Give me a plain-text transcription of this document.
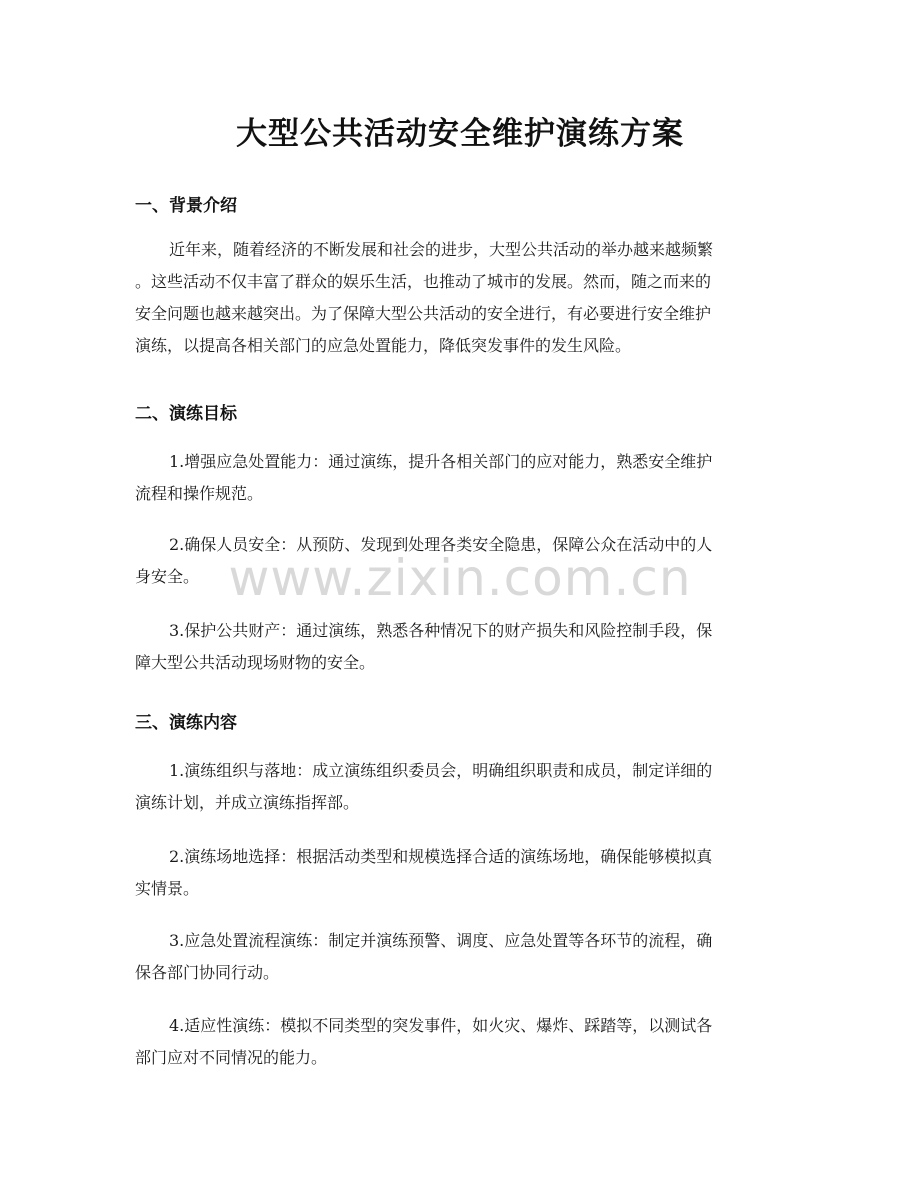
大型公共活动安全维护演练方案
一、背景介绍
近年来，随着经济的不断发展和社会的进步，大型公共活动的举办越来越频繁
。这些活动不仅丰富了群众的娱乐生活，也推动了城市的发展。然而，随之而来的
安全问题也越来越突出。为了保障大型公共活动的安全进行，有必要进行安全维护
演练，以提高各相关部门的应急处置能力，降低突发事件的发生风险。
二、演练目标
1.增强应急处置能力：通过演练，提升各相关部门的应对能力，熟悉安全维护
流程和操作规范。
2.确保人员安全：从预防、发现到处理各类安全隐患，保障公众在活动中的人
身安全。
3.保护公共财产：通过演练，熟悉各种情况下的财产损失和风险控制手段，保
障大型公共活动现场财物的安全。
三、演练内容
1.演练组织与落地：成立演练组织委员会，明确组织职责和成员，制定详细的
演练计划，并成立演练指挥部。
2.演练场地选择：根据活动类型和规模选择合适的演练场地，确保能够模拟真
实情景。
3.应急处置流程演练：制定并演练预警、调度、应急处置等各环节的流程，确
保各部门协同行动。
4.适应性演练：模拟不同类型的突发事件，如火灾、爆炸、踩踏等，以测试各
部门应对不同情况的能力。
www.zixin.com.cn
